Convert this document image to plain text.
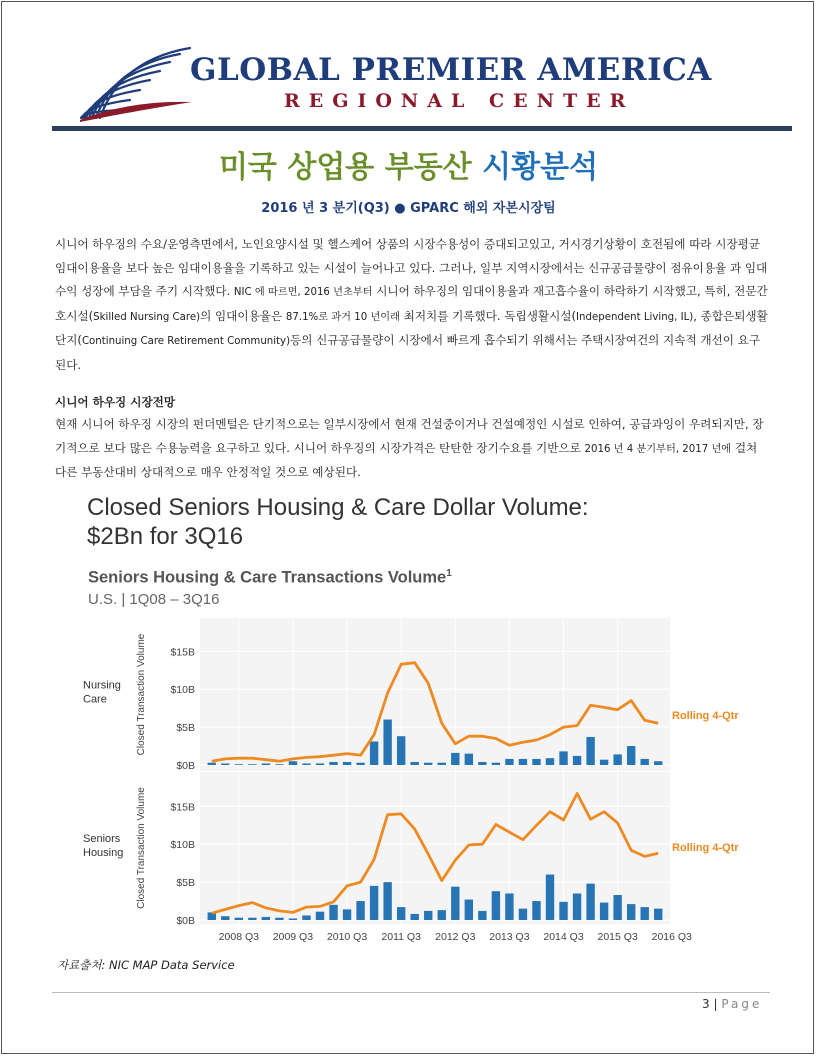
GLOBAL PREMIER AMERICA
REGIONAL CENTER
미국 상업용 부동산 시황분석
2016 년 3 분기(Q3) ● GPARC 해외 자본시장팀
시니어 하우징의 수요/운영측면에서, 노인요양시설 및 헬스케어 상품의 시장수용성이 증대되고있고, 거시경기상황이 호전됨에 따라 시장평균 임대이용율을 보다 높은 임대이용율을 기록하고 있는 시설이 늘어나고 있다. 그러나, 일부 지역시장에서는 신규공급물량이 점유이용율 과 임대수익 성장에 부담을 주기 시작했다. NIC 에 따르면, 2016 년초부터 시니어 하우징의 임대이용율과 재고흡수율이 하락하기 시작했고, 특히, 전문간호시설(Skilled Nursing Care)의 임대이용율은 87.1%로 과거 10 년이래 최저치를 기록했다. 독립생활시설(Independent Living, IL), 종합은퇴생활단지(Continuing Care Retirement Community)등의 신규공급물량이 시장에서 빠르게 흡수되기 위해서는 주택시장여건의 지속적 개선이 요구된다.
시니어 하우징 시장전망
현재 시니어 하우징 시장의 펀더멘털은 단기적으로는 일부시장에서 현재 건설중이거나 건설예정인 시설로 인하여, 공급과잉이 우려되지만, 장기적으로 보다 많은 수용능력을 요구하고 있다. 시니어 하우징의 시장가격은 탄탄한 장기수요를 기반으로 2016 년 4 분기부터, 2017 년에 걸쳐 다른 부동산대비 상대적으로 매우 안정적일 것으로 예상된다.
Closed Seniors Housing & Care Dollar Volume:
$2Bn for 3Q16
Seniors Housing & Care Transactions Volume$^1$
U.S. | 1Q08 – 3Q16
$0B
$5B
$10B
$15B
Nursing
Care	Closed Transaction Volume	Rolling 4-Qtr
$0B
$5B
$10B
$15B
Seniors
Housing Closed Transaction Volume	Rolling 4-Qtr
2008 Q3 2009 Q3 2010 Q3 2011 Q3 2012 Q3 2013 Q3 2014 Q3 2015 Q3 2016 Q3
자료출처: NIC MAP Data Service
3 | Page
